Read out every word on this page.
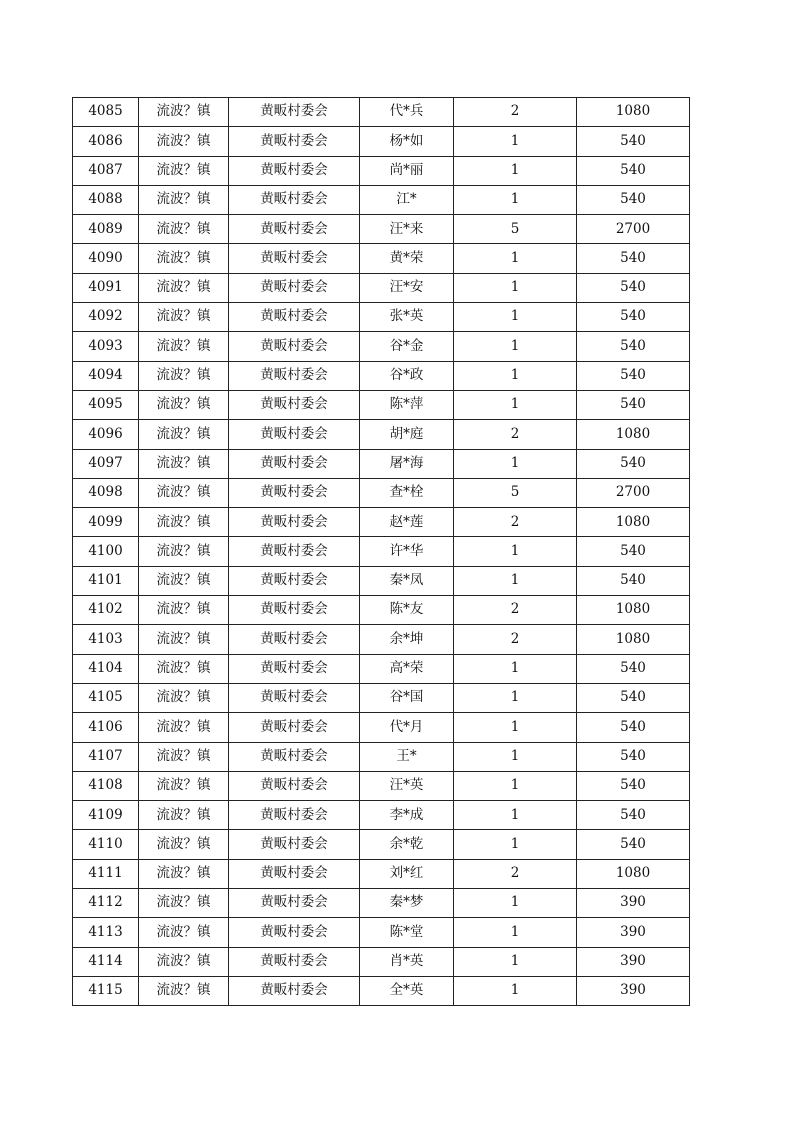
4085	流波？镇	黄畈村委会	代*兵	2	1080
4086	流波？镇	黄畈村委会	杨*如	1	540
4087	流波？镇	黄畈村委会	尚*丽	1	540
4088	流波？镇	黄畈村委会	江*	1	540
4089	流波？镇	黄畈村委会	汪*来	5	2700
4090	流波？镇	黄畈村委会	黄*荣	1	540
4091	流波？镇	黄畈村委会	汪*安	1	540
4092	流波？镇	黄畈村委会	张*英	1	540
4093	流波？镇	黄畈村委会	谷*金	1	540
4094	流波？镇	黄畈村委会	谷*政	1	540
4095	流波？镇	黄畈村委会	陈*萍	1	540
4096	流波？镇	黄畈村委会	胡*庭	2	1080
4097	流波？镇	黄畈村委会	屠*海	1	540
4098	流波？镇	黄畈村委会	查*栓	5	2700
4099	流波？镇	黄畈村委会	赵*莲	2	1080
4100	流波？镇	黄畈村委会	许*华	1	540
4101	流波？镇	黄畈村委会	秦*凤	1	540
4102	流波？镇	黄畈村委会	陈*友	2	1080
4103	流波？镇	黄畈村委会	余*坤	2	1080
4104	流波？镇	黄畈村委会	高*荣	1	540
4105	流波？镇	黄畈村委会	谷*国	1	540
4106	流波？镇	黄畈村委会	代*月	1	540
4107	流波？镇	黄畈村委会	王*	1	540
4108	流波？镇	黄畈村委会	汪*英	1	540
4109	流波？镇	黄畈村委会	李*成	1	540
4110	流波？镇	黄畈村委会	余*乾	1	540
4111	流波？镇	黄畈村委会	刘*红	2	1080
4112	流波？镇	黄畈村委会	秦*梦	1	390
4113	流波？镇	黄畈村委会	陈*堂	1	390
4114	流波？镇	黄畈村委会	肖*英	1	390
4115	流波？镇	黄畈村委会	全*英	1	390
